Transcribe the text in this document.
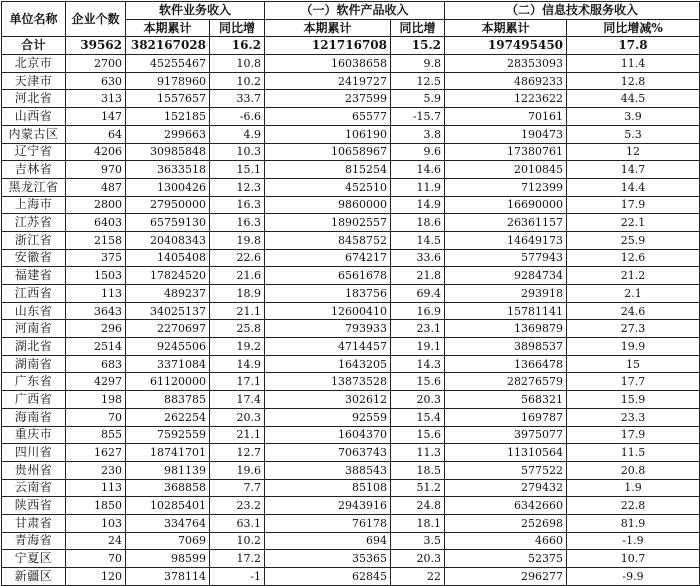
单位名称	企业个数	软件业务收入		（一）软件产品收入		（二）信息技术服务收入	
		本期累计	同比增	本期累计	同比增	本期累计	同比增减%
合计	39562	382167028	16.2	121716708	15.2	197495450	17.8
北京市	2700	45255467	10.8	16038658	9.8	28353093	11.4
天津市	630	9178960	10.2	2419727	12.5	4869233	12.8
河北省	313	1557657	33.7	237599	5.9	1223622	44.5
山西省	147	152185	-6.6	65577	-15.7	70161	3.9
内蒙古区	64	299663	4.9	106190	3.8	190473	5.3
辽宁省	4206	30985848	10.3	10658967	9.6	17380761	12
吉林省	970	3633518	15.1	815254	14.6	2010845	14.7
黑龙江省	487	1300426	12.3	452510	11.9	712399	14.4
上海市	2800	27950000	16.3	9860000	14.9	16690000	17.9
江苏省	6403	65759130	16.3	18902557	18.6	26361157	22.1
浙江省	2158	20408343	19.8	8458752	14.5	14649173	25.9
安徽省	375	1405408	22.6	674217	33.6	577943	12.6
福建省	1503	17824520	21.6	6561678	21.8	9284734	21.2
江西省	113	489237	18.9	183756	69.4	293918	2.1
山东省	3643	34025137	21.1	12600410	16.9	15781141	24.6
河南省	296	2270697	25.8	793933	23.1	1369879	27.3
湖北省	2514	9245506	19.2	4714457	19.1	3898537	19.9
湖南省	683	3371084	14.9	1643205	14.3	1366478	15
广东省	4297	61120000	17.1	13873528	15.6	28276579	17.7
广西省	198	883785	17.4	302612	20.3	568321	15.9
海南省	70	262254	20.3	92559	15.4	169787	23.3
重庆市	855	7592559	21.1	1604370	15.6	3975077	17.9
四川省	1627	18741701	12.7	7063743	11.3	11310564	11.5
贵州省	230	981139	19.6	388543	18.5	577522	20.8
云南省	113	368858	7.7	85108	51.2	279432	1.9
陕西省	1850	10285401	23.2	2943916	24.8	6342660	22.8
甘肃省	103	334764	63.1	76178	18.1	252698	81.9
青海省	24	7069	10.2	694	3.5	4660	-1.9
宁夏区	70	98599	17.2	35365	20.3	52375	10.7
新疆区	120	378114	-1	62845	22	296277	-9.9
